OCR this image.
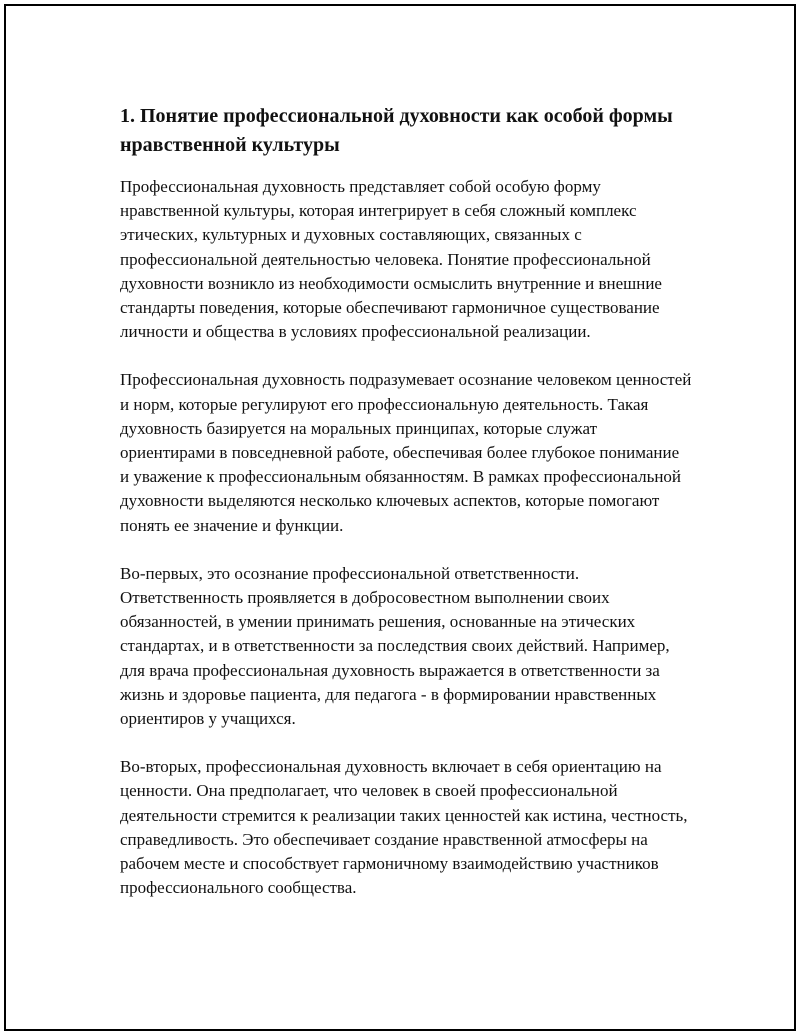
1. Понятие профессиональной духовности как особой формы нравственной культуры

Профессиональная духовность представляет собой особую форму нравственной культуры, которая интегрирует в себя сложный комплекс этических, культурных и духовных составляющих, связанных с профессиональной деятельностью человека. Понятие профессиональной духовности возникло из необходимости осмыслить внутренние и внешние стандарты поведения, которые обеспечивают гармоничное существование личности и общества в условиях профессиональной реализации.

Профессиональная духовность подразумевает осознание человеком ценностей и норм, которые регулируют его профессиональную деятельность. Такая духовность базируется на моральных принципах, которые служат ориентирами в повседневной работе, обеспечивая более глубокое понимание и уважение к профессиональным обязанностям. В рамках профессиональной духовности выделяются несколько ключевых аспектов, которые помогают понять ее значение и функции.

Во-первых, это осознание профессиональной ответственности. Ответственность проявляется в добросовестном выполнении своих обязанностей, в умении принимать решения, основанные на этических стандартах, и в ответственности за последствия своих действий. Например, для врача профессиональная духовность выражается в ответственности за жизнь и здоровье пациента, для педагога - в формировании нравственных ориентиров у учащихся.

Во-вторых, профессиональная духовность включает в себя ориентацию на ценности. Она предполагает, что человек в своей профессиональной деятельности стремится к реализации таких ценностей как истина, честность, справедливость. Это обеспечивает создание нравственной атмосферы на рабочем месте и способствует гармоничному взаимодействию участников профессионального сообщества.
